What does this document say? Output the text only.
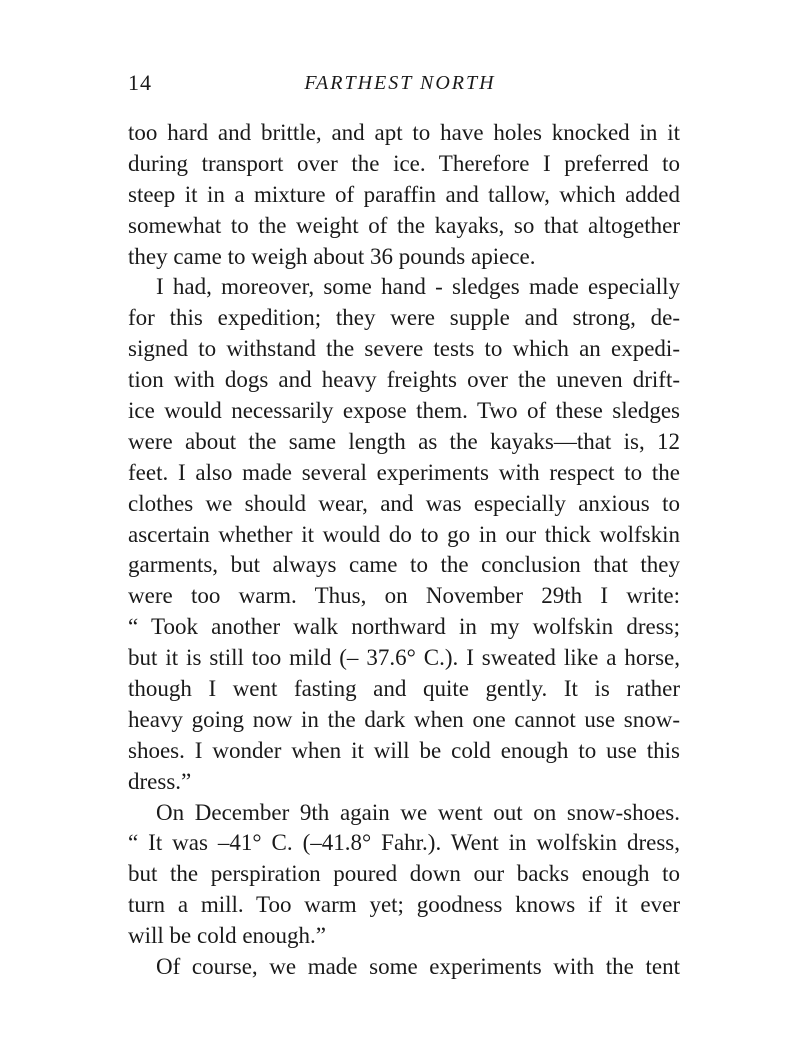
14	FARTHEST NORTH
too hard and brittle, and apt to have holes knocked in it
during transport over the ice. Therefore I preferred to
steep it in a mixture of paraffin and tallow, which added
somewhat to the weight of the kayaks, so that altogether
they came to weigh about 36 pounds apiece.
I had, moreover, some hand - sledges made especially
for this expedition; they were supple and strong, de-
signed to withstand the severe tests to which an expedi-
tion with dogs and heavy freights over the uneven drift-
ice would necessarily expose them. Two of these sledges
were about the same length as the kayaks—that is, 12
feet. I also made several experiments with respect to the
clothes we should wear, and was especially anxious to
ascertain whether it would do to go in our thick wolfskin
garments, but always came to the conclusion that they
were too warm. Thus, on November 29th I write:
“ Took another walk northward in my wolfskin dress;
but it is still too mild (– 37.6° C.). I sweated like a horse,
though I went fasting and quite gently. It is rather
heavy going now in the dark when one cannot use snow-
shoes. I wonder when it will be cold enough to use this
dress.”
On December 9th again we went out on snow-shoes.
“ It was –41° C. (–41.8° Fahr.). Went in wolfskin dress,
but the perspiration poured down our backs enough to
turn a mill. Too warm yet; goodness knows if it ever
will be cold enough.”
Of course, we made some experiments with the tent
